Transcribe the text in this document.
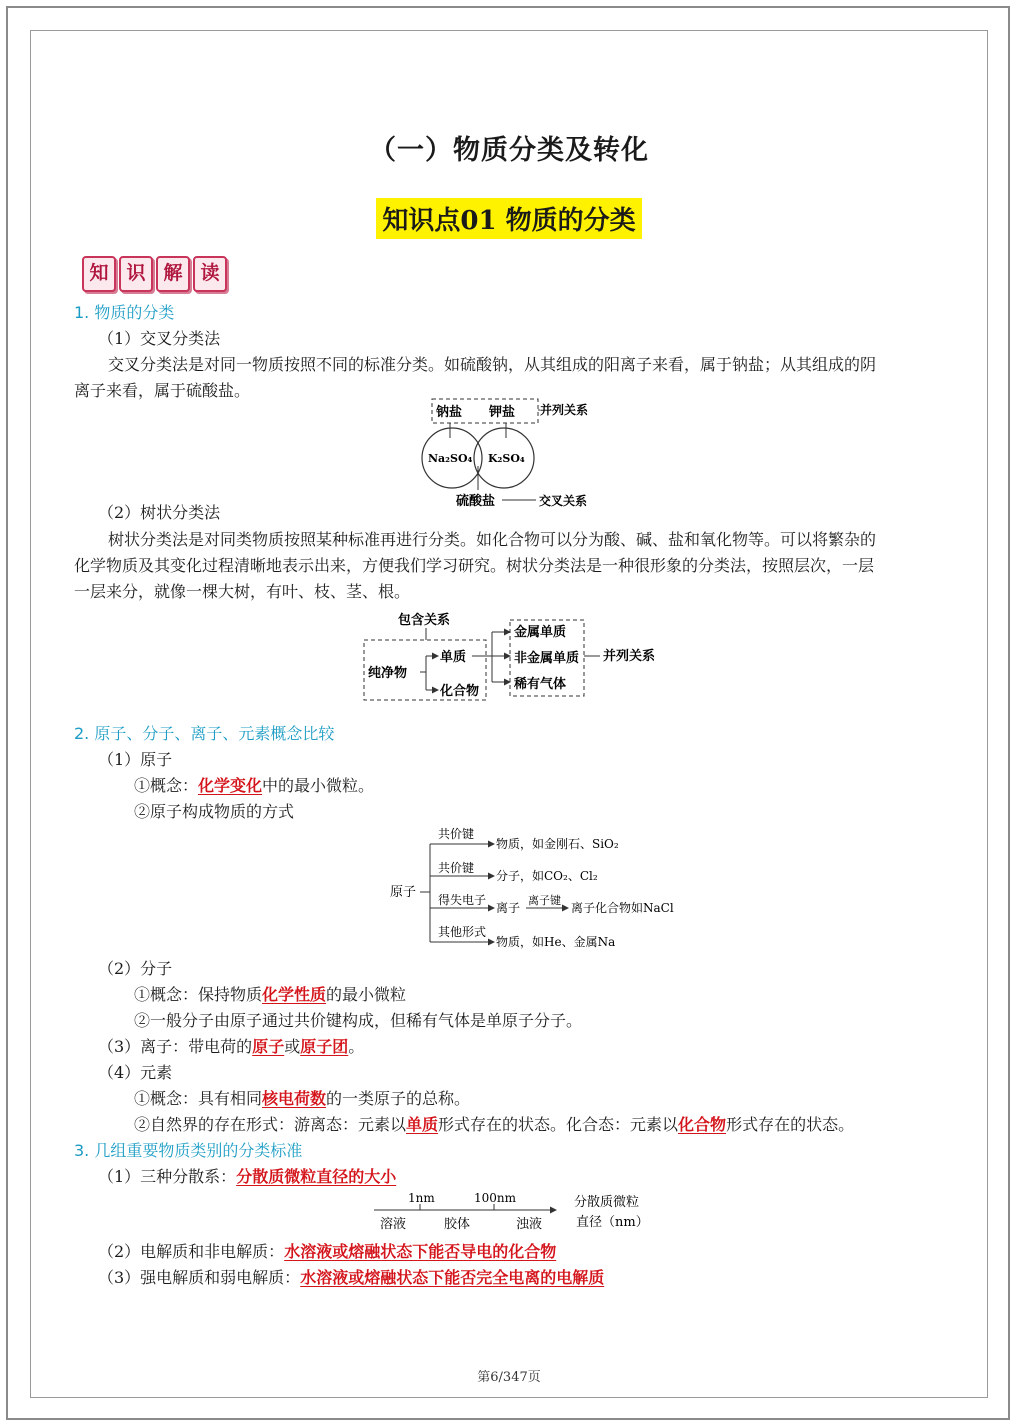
（一）物质分类及转化
知识点01 物质的分类
知 识 解 读
1. 物质的分类
（1）交叉分类法
交叉分类法是对同一物质按照不同的标准分类。如硫酸钠，从其组成的阳离子来看，属于钠盐；从其组成的阴
离子来看，属于硫酸盐。
钠盐 钾盐 并列关系
Na₂SO₄ K₂SO₄
硫酸盐	交叉关系
（2）树状分类法
树状分类法是对同类物质按照某种标准再进行分类。如化合物可以分为酸、碱、盐和氧化物等。可以将繁杂的
化学物质及其变化过程清晰地表示出来，方便我们学习研究。树状分类法是一种很形象的分类法，按照层次，一层
一层来分，就像一棵大树，有叶、枝、茎、根。
包含关系
纯净物
单质
化合物
金属单质
非金属单质
稀有气体
并列关系
2. 原子、分子、离子、元素概念比较
（1）原子
①概念：化学变化中的最小微粒。
②原子构成物质的方式
原子
共价键
物质，如金刚石、SiO₂
共价键
分子，如CO₂、Cl₂
得失电子
离子
离子键
离子化合物如NaCl
其他形式
物质，如He、金属Na
（2）分子
①概念：保持物质化学性质的最小微粒
②一般分子由原子通过共价键构成，但稀有气体是单原子分子。
（3）离子：带电荷的原子或原子团。
（4）元素
①概念：具有相同核电荷数的一类原子的总称。
②自然界的存在形式：游离态：元素以单质形式存在的状态。化合态：元素以化合物形式存在的状态。
3. 几组重要物质类别的分类标准
（1）三种分散系：分散质微粒直径的大小
1nm	100nm
溶液	胶体	浊液
分散质微粒
直径（nm）
（2）电解质和非电解质：水溶液或熔融状态下能否导电的化合物
（3）强电解质和弱电解质：水溶液或熔融状态下能否完全电离的电解质
第6/347页
